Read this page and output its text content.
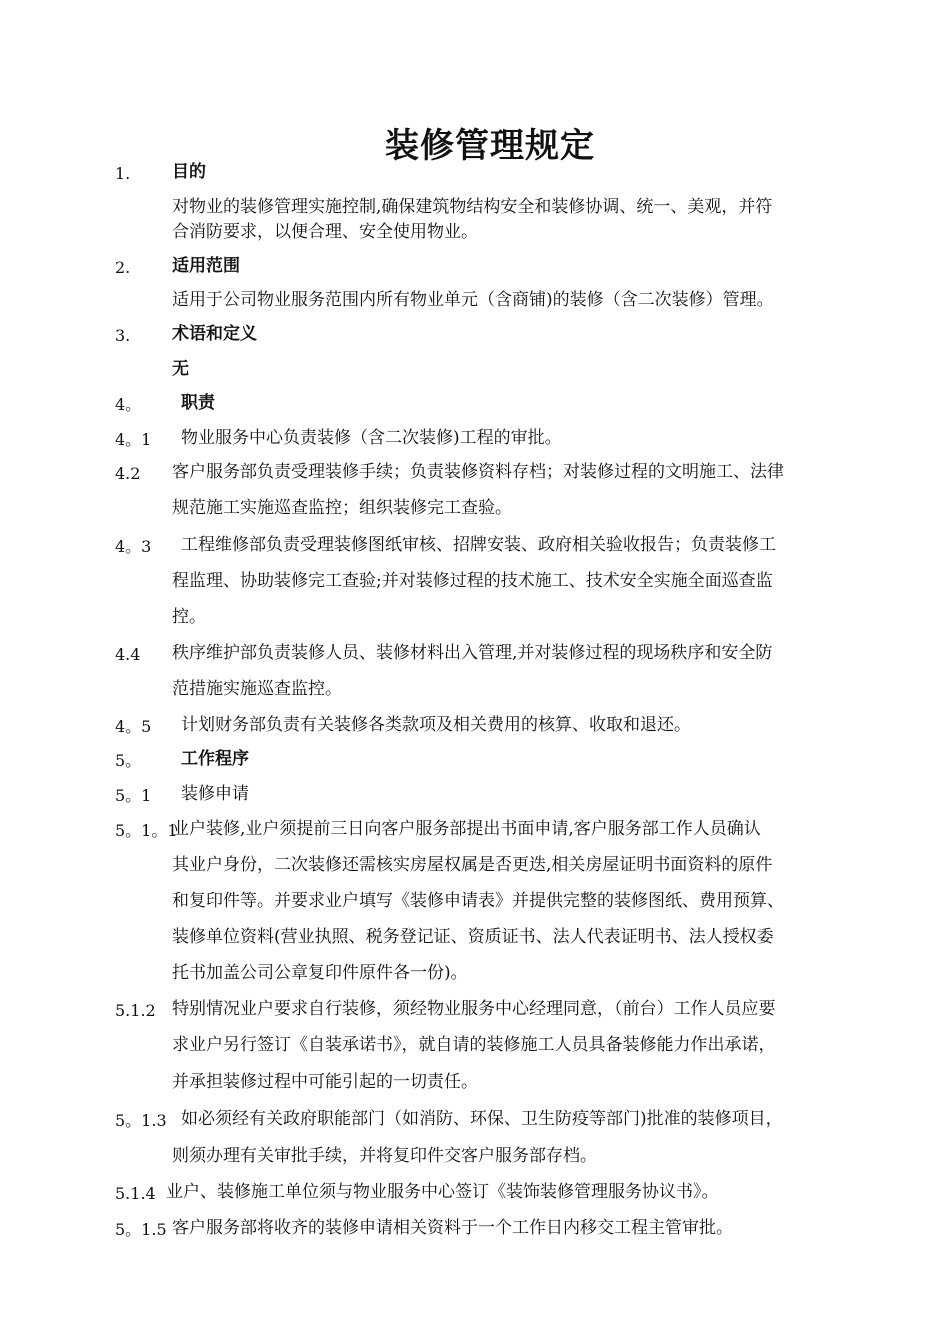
装修管理规定
1. 目的
对物业的装修管理实施控制,确保建筑物结构安全和装修协调、统一、美观，并符
合消防要求，以便合理、安全使用物业。
2. 适用范围
适用于公司物业服务范围内所有物业单元（含商铺)的装修（含二次装修）管理。
3. 术语和定义
无
4。 职责
4。1 物业服务中心负责装修（含二次装修)工程的审批。
4.2 客户服务部负责受理装修手续；负责装修资料存档；对装修过程的文明施工、法律
规范施工实施巡查监控；组织装修完工查验。
4。3 工程维修部负责受理装修图纸审核、招牌安装、政府相关验收报告；负责装修工
程监理、协助装修完工查验;并对装修过程的技术施工、技术安全实施全面巡查监
控。
4.4 秩序维护部负责装修人员、装修材料出入管理,并对装修过程的现场秩序和安全防
范措施实施巡查监控。
4。5 计划财务部负责有关装修各类款项及相关费用的核算、收取和退还。
5。 工作程序
5。1 装修申请
5。1。1
业户装修,业户须提前三日向客户服务部提出书面申请,客户服务部工作人员确认
其业户身份，二次装修还需核实房屋权属是否更迭,相关房屋证明书面资料的原件
和复印件等。并要求业户填写《装修申请表》并提供完整的装修图纸、费用预算、
装修单位资料(营业执照、税务登记证、资质证书、法人代表证明书、法人授权委
托书加盖公司公章复印件原件各一份)。
5.1.2 特别情况业户要求自行装修，须经物业服务中心经理同意，（前台）工作人员应要
求业户另行签订《自装承诺书》，就自请的装修施工人员具备装修能力作出承诺，
并承担装修过程中可能引起的一切责任。
5。1.3 如必须经有关政府职能部门（如消防、环保、卫生防疫等部门)批准的装修项目，
则须办理有关审批手续，并将复印件交客户服务部存档。
5.1.4 业户、装修施工单位须与物业服务中心签订《装饰装修管理服务协议书》。
5。1.5 客户服务部将收齐的装修申请相关资料于一个工作日内移交工程主管审批。
